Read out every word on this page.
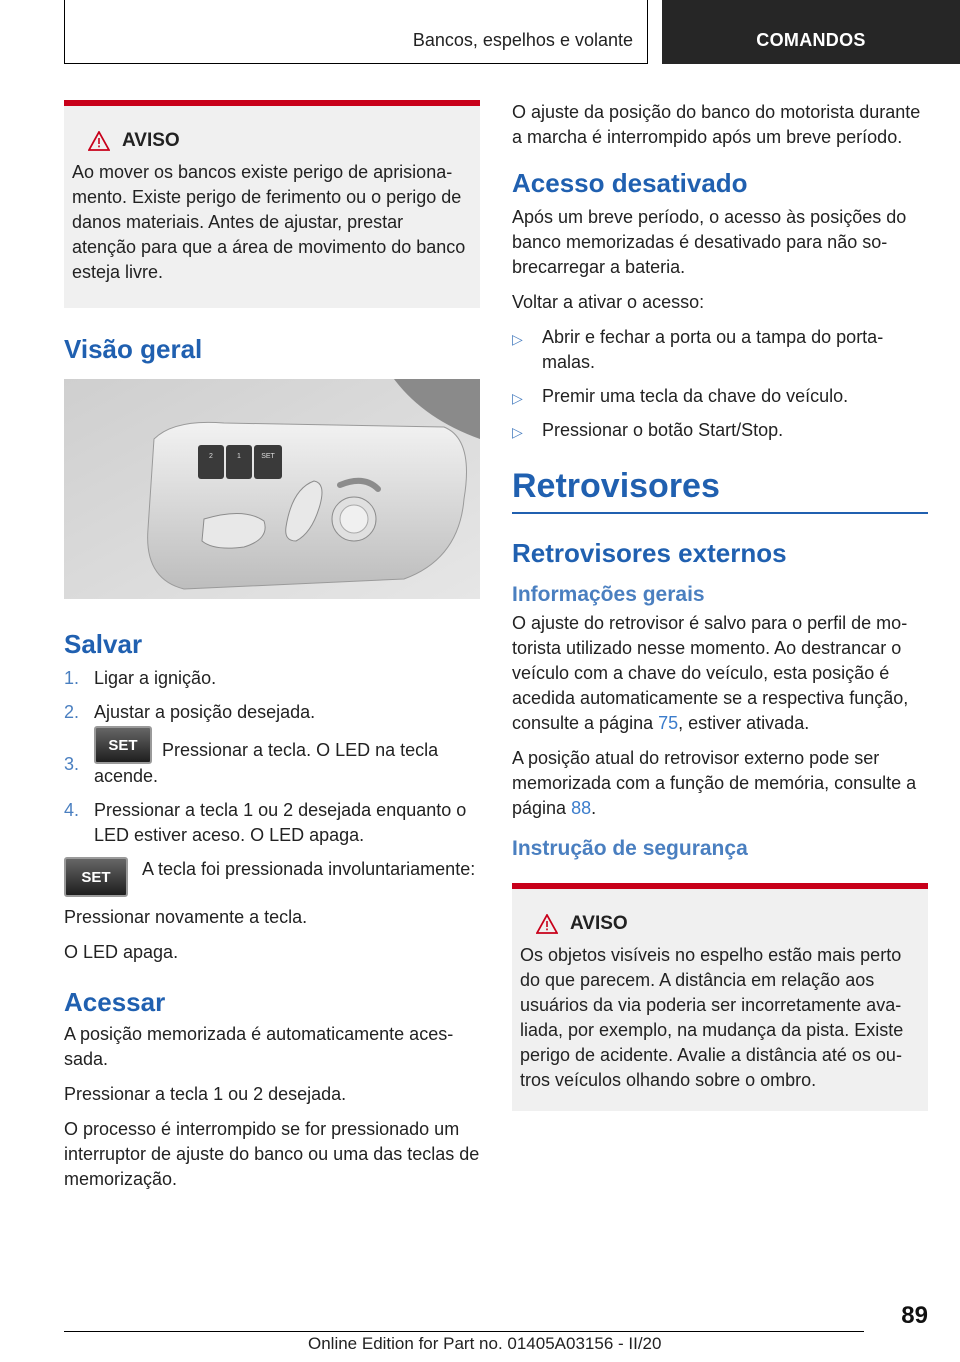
Bancos, espelhos e volante	COMANDOS
AVISO

Ao mover os bancos existe perigo de aprisionamento. Existe perigo de ferimento ou o perigo de danos materiais. Antes de ajustar, prestar atenção para que a área de movimento do banco esteja livre.

Visão geral
2	1	SET
Salvar
1. Ligar a ignição.
2. Ajustar a posição desejada.
3.
SET Pressionar a tecla. O LED na tecla acende.
4. Pressionar a tecla 1 ou 2 desejada enquanto o LED estiver aceso. O LED apaga.
SET	A tecla foi pressionada involuntariamente:

Pressionar novamente a tecla.

O LED apaga.

Acessar

A posição memorizada é automaticamente acessada.

Pressionar a tecla 1 ou 2 desejada.

O processo é interrompido se for pressionado um interruptor de ajuste do banco ou uma das teclas de memorização.

O ajuste da posição do banco do motorista durante a marcha é interrompido após um breve período.

Acesso desativado

Após um breve período, o acesso às posições do banco memorizadas é desativado para não sobrecarregar a bateria.

Voltar a ativar o acesso:

▷ Abrir e fechar a porta ou a tampa do porta-malas.
▷ Premir uma tecla da chave do veículo.
▷ Pressionar o botão Start/Stop.
Retrovisores
Retrovisores externos
Informações gerais

O ajuste do retrovisor é salvo para o perfil de motorista utilizado nesse momento. Ao destrancar o veículo com a chave do veículo, esta posição é acedida automaticamente se a respectiva função, consulte a página 75, estiver ativada.

A posição atual do retrovisor externo pode ser memorizada com a função de memória, consulte a página 88.

Instrução de segurança
AVISO

Os objetos visíveis no espelho estão mais perto do que parecem. A distância em relação aos usuários da via poderia ser incorretamente avaliada, por exemplo, na mudança da pista. Existe perigo de acidente. Avalie a distância até os outros veículos olhando sobre o ombro.

89
Online Edition for Part no. 01405A03156 - II/20
